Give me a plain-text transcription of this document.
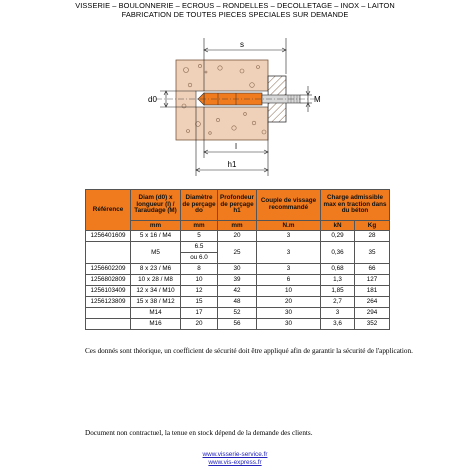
VISSERIE – BOULONNERIE – ECROUS – RONDELLES – DECOLLETAGE – INOX – LAITON
FABRICATION DE TOUTES PIECES SPECIALES SUR DEMANDE
s
d0	M
l
h1
Référence	Diam (d0) x longueur (l) / Taraudage (M)	Diamètre de perçage do	Profondeur de perçage h1	Couple de vissage recommandé	Charge admissible max en traction dans du béton	
	mm	mm	mm	N.m	kN	Kg
1256401609	5 x 16 / M4	5	20	3	0,29	28
	M5	6.5	25	3	0,36	35
		ou 6.0				
1256602209	8 x 23 / M6	8	30	3	0,68	66
1256802809	10 x 28 / M8	10	39	6	1,3	127
1256103409	12 x 34 / M10	12	42	10	1,85	181
1256123809	15 x 38 / M12	15	48	20	2,7	264
	M14	17	52	30	3	294
	M16	20	56	30	3,6	352
Ces donnés sont théorique, un coefficient de sécurité doit être appliqué afin de garantir la sécurité de l'application.
Document non contractuel, la tenue en stock dépend de la demande des clients.
www.visserie-service.fr
www.vis-express.fr
